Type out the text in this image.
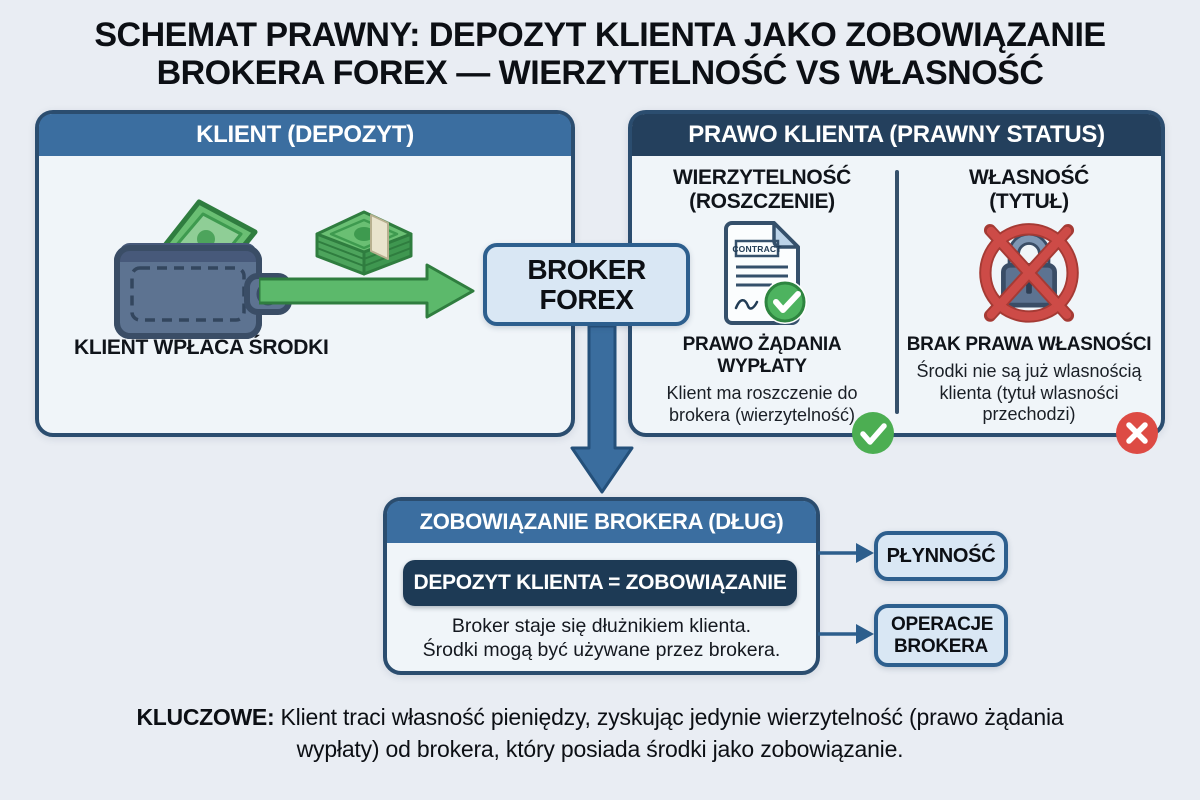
SCHEMAT PRAWNY: DEPOZYT KLIENTA JAKO ZOBOWIĄZANIE
BROKERA FOREX — WIERZYTELNOŚĆ VS WŁASNOŚĆ
KLIENT (DEPOZYT)
KLIENT WPŁACA ŚRODKI
PRAWO KLIENTA (PRAWNY STATUS)
WIERZYTELNOŚĆ
(ROSZCZENIE)
CONTRACT
PRAWO ŻĄDANIA WYPŁATY
Klient ma roszczenie do brokera (wierzytelność)
WŁASNOŚĆ
(TYTUŁ)
BRAK PRAWA WŁASNOŚCI
Środki nie są już wlasnością klienta (tytuł wlasności przechodzi)
BROKER
FOREX
ZOBOWIĄZANIE BROKERA (DŁUG)
DEPOZYT KLIENTA = ZOBOWIĄZANIE
Broker staje się dłużnikiem klienta.
Środki mogą być używane przez brokera.
PŁYNNOŚĆ
OPERACJE BROKERA
KLUCZOWE: Klient traci własność pieniędzy, zyskując jedynie wierzytelność (prawo żądania
wypłaty) od brokera, który posiada środki jako zobowiązanie.
